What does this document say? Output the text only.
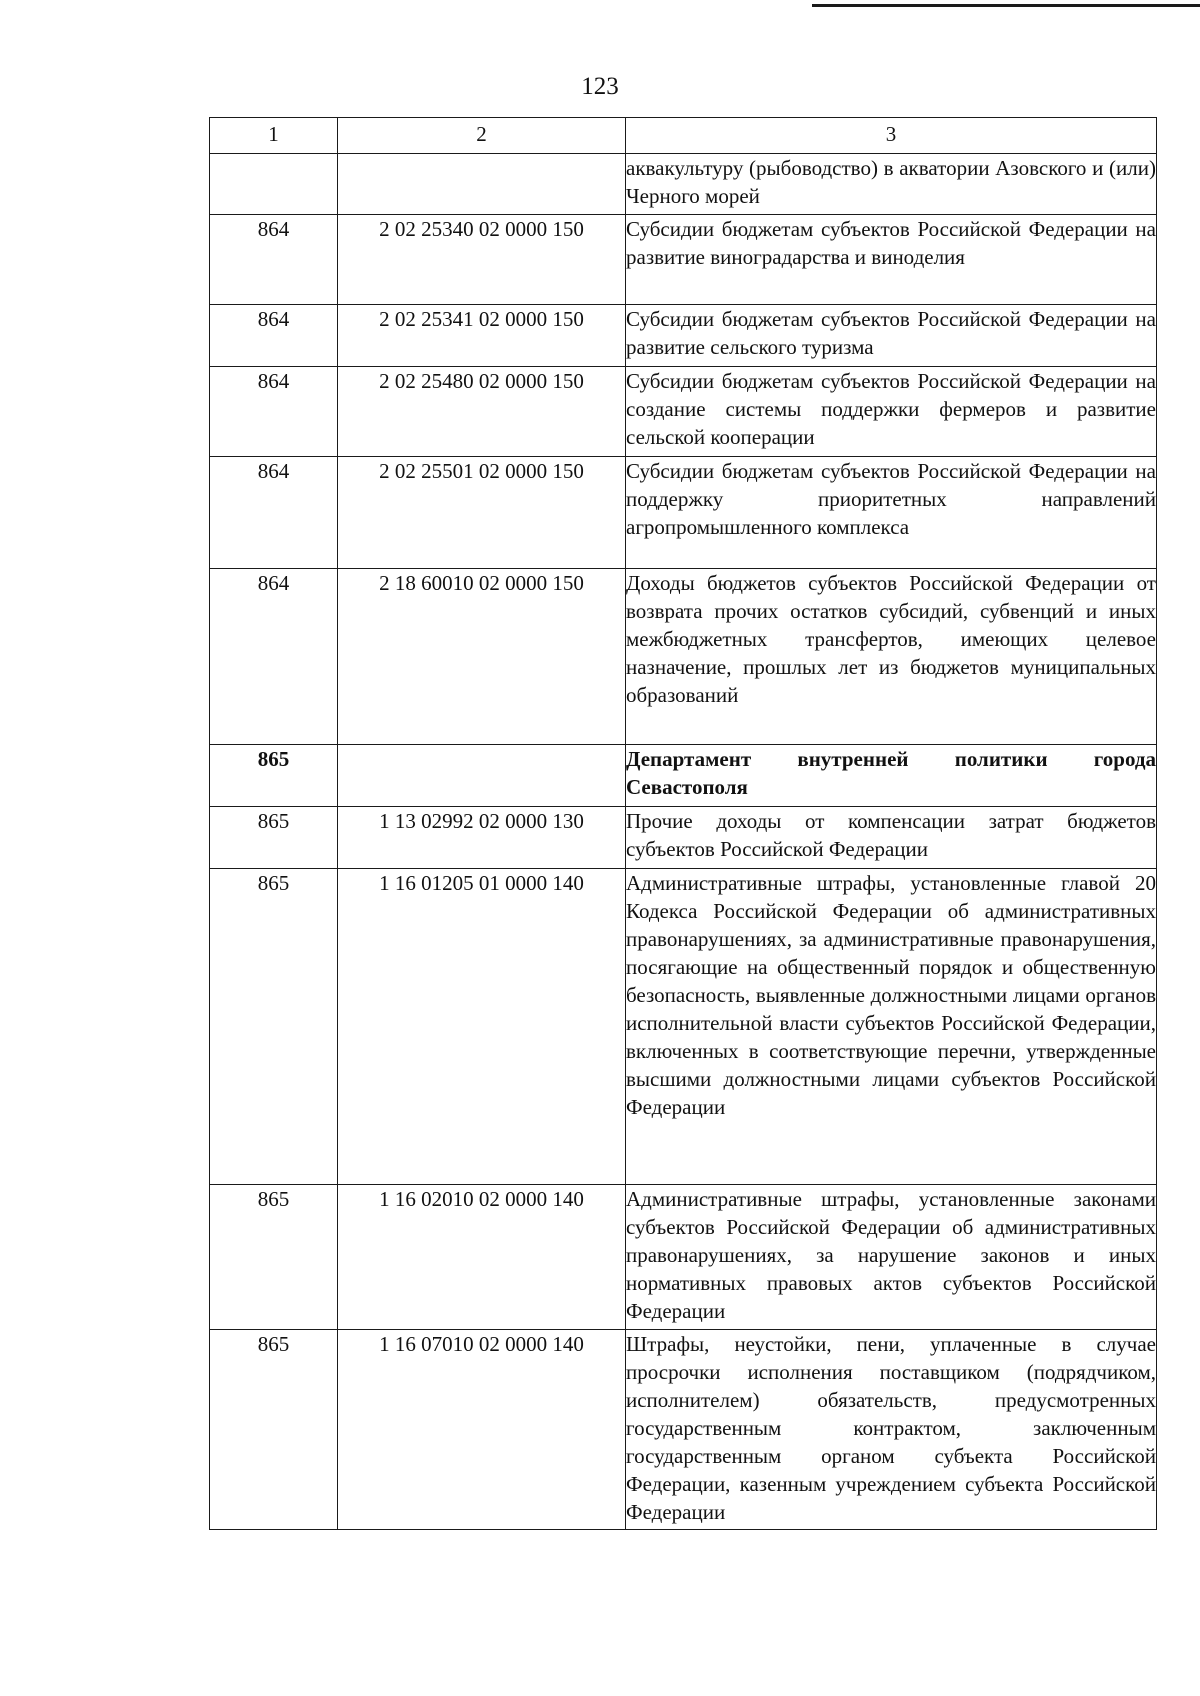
123
1	2	3
		аквакультуру (рыбоводство) в акватории Азовского и (или) Черного морей
864	2 02 25340 02 0000 150	Субсидии бюджетам субъектов Российской Федерации на развитие виноградарства и виноделия
864	2 02 25341 02 0000 150	Субсидии бюджетам субъектов Российской Федерации на развитие сельского туризма
864	2 02 25480 02 0000 150	Субсидии бюджетам субъектов Российской Федерации на создание системы поддержки фермеров и развитие сельской кооперации
864	2 02 25501 02 0000 150	Субсидии бюджетам субъектов Российской Федерации на поддержку приоритетных направлений агропромышленного комплекса
864	2 18 60010 02 0000 150	Доходы бюджетов субъектов Российской Федерации от возврата прочих остатков субсидий, субвенций и иных межбюджетных трансфертов, имеющих целевое назначение, прошлых лет из бюджетов муниципальных образований
865		Департамент внутренней политики города Севастополя
865	1 13 02992 02 0000 130	Прочие доходы от компенсации затрат бюджетов субъектов Российской Федерации
865	1 16 01205 01 0000 140	Административные штрафы, установленные главой 20 Кодекса Российской Федерации об административных правонарушениях, за административные правонарушения, посягающие на общественный порядок и общественную безопасность, выявленные должностными лицами органов исполнительной власти субъектов Российской Федерации, включенных в соответствующие перечни, утвержденные высшими должностными лицами субъектов Российской Федерации
865	1 16 02010 02 0000 140	Административные штрафы, установленные законами субъектов Российской Федерации об административных правонарушениях, за нарушение законов и иных нормативных правовых актов субъектов Российской Федерации
865	1 16 07010 02 0000 140	Штрафы, неустойки, пени, уплаченные в случае просрочки исполнения поставщиком (подрядчиком, исполнителем) обязательств, предусмотренных государственным контрактом, заключенным государственным органом субъекта Российской Федерации, казенным учреждением субъекта Российской Федерации
